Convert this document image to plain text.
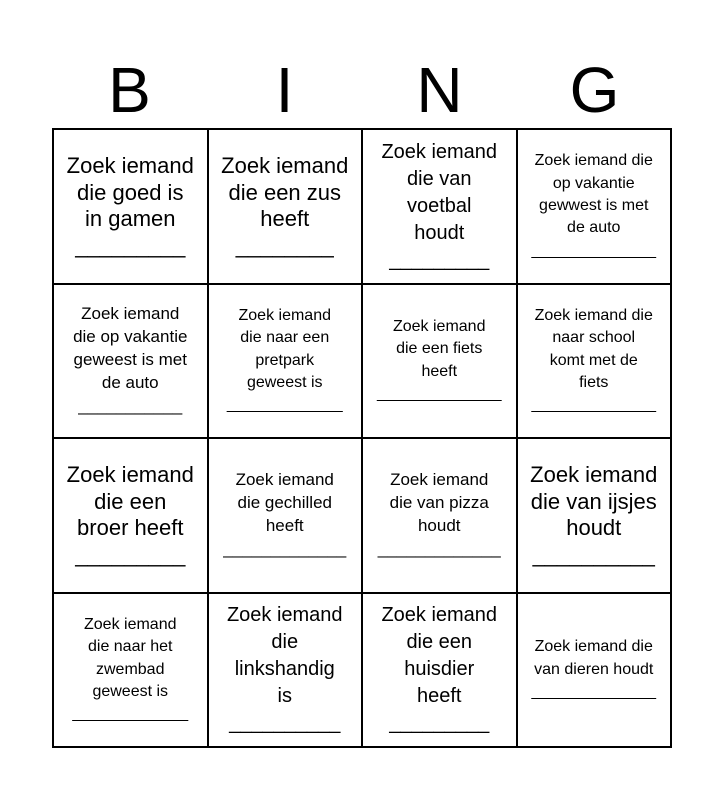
B	I	N	G
Zoek iemand
die goed is
in gamen
_________
Zoek iemand
die een zus
heeft
________
Zoek iemand
die van
voetbal
houdt
_________
Zoek iemand die
op vakantie
gewwest is met
de auto
______________
Zoek iemand
die op vakantie
geweest is met
de auto
___________
Zoek iemand
die naar een
pretpark
geweest is
_____________
Zoek iemand
die een fiets
heeft
______________
Zoek iemand die
naar school
komt met de
fiets
______________
Zoek iemand
die een
broer heeft
_________
Zoek iemand
die gechilled
heeft
_____________
Zoek iemand
die van pizza
houdt
_____________
Zoek iemand
die van ijsjes
houdt
__________
Zoek iemand
die naar het
zwembad
geweest is
_____________
Zoek iemand
die
linkshandig
is
__________
Zoek iemand
die een
huisdier
heeft
_________
Zoek iemand die
van dieren houdt
______________
